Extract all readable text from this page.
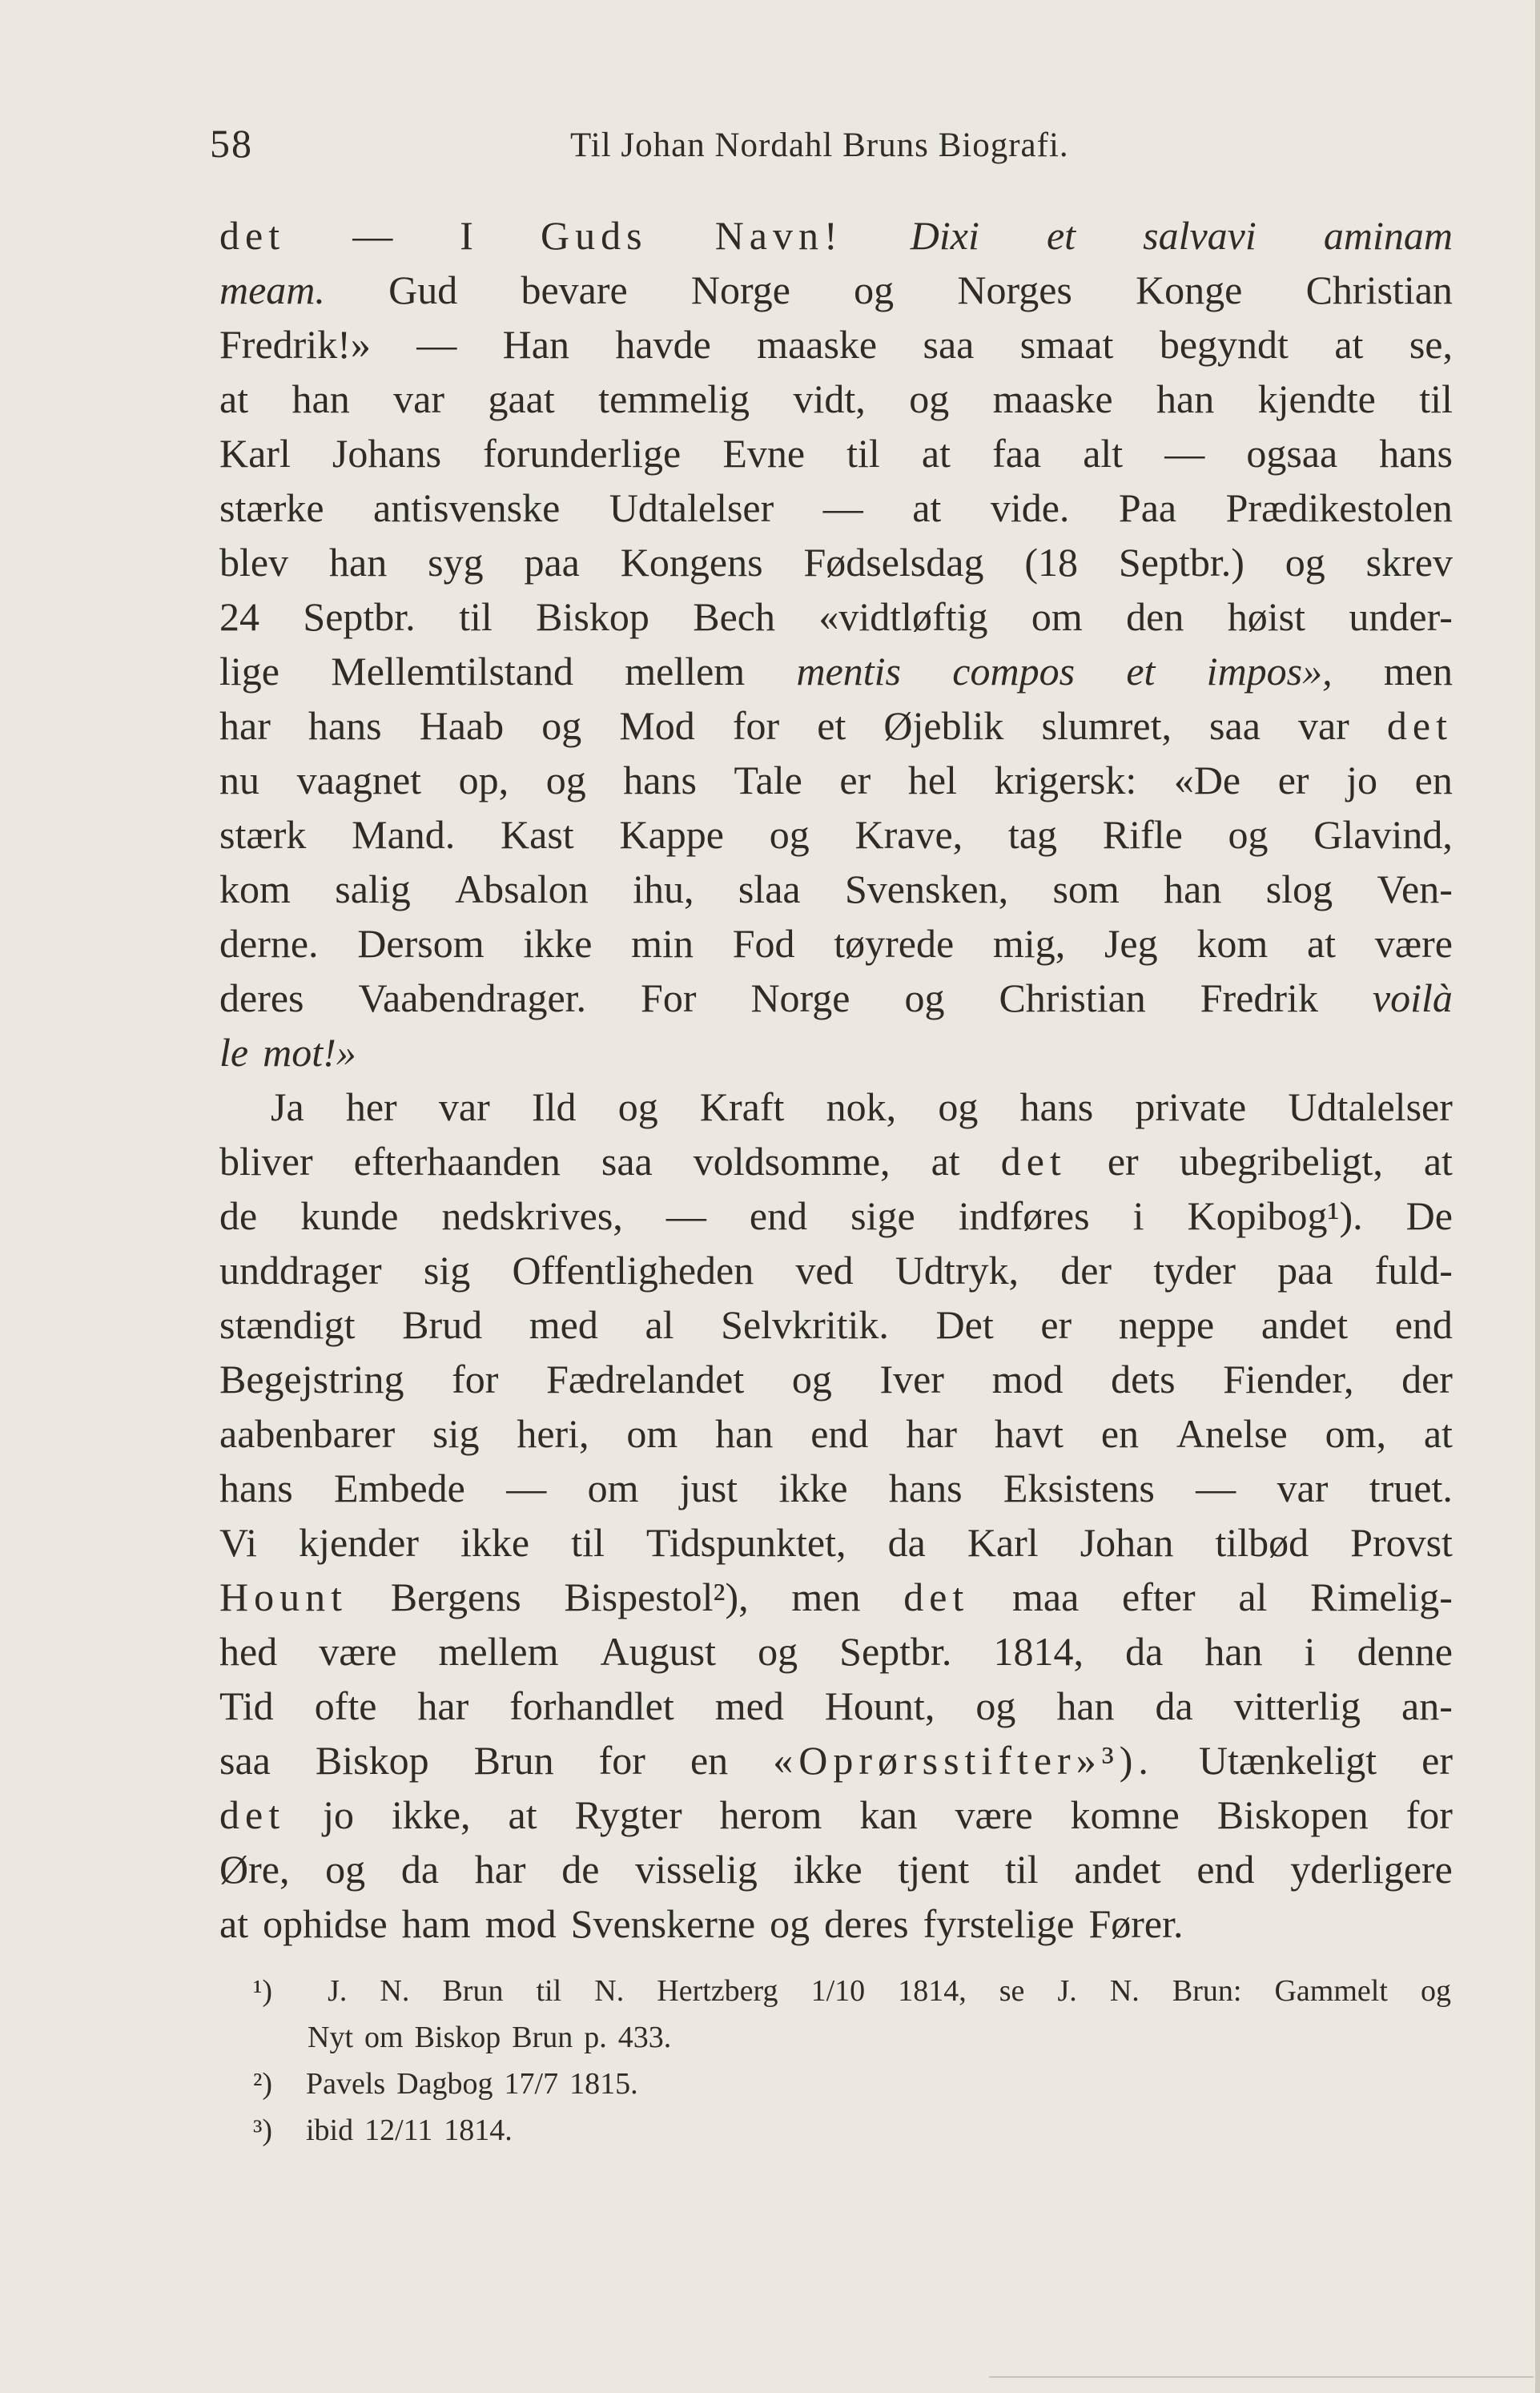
58	Til Johan Nordahl Bruns Biografi.
det — I Guds Navn! Dixi et salvavi aminam
meam. Gud bevare Norge og Norges Konge Christian
Fredrik!» — Han havde maaske saa smaat begyndt at se,
at han var gaat temmelig vidt, og maaske han kjendte til
Karl Johans forunderlige Evne til at faa alt — ogsaa hans
stærke antisvenske Udtalelser — at vide. Paa Prædikestolen
blev han syg paa Kongens Fødselsdag (18 Septbr.) og skrev
24 Septbr. til Biskop Bech «vidtløftig om den høist under-
lige Mellemtilstand mellem mentis compos et impos», men
har hans Haab og Mod for et Øjeblik slumret, saa var det
nu vaagnet op, og hans Tale er hel krigersk: «De er jo en
stærk Mand. Kast Kappe og Krave, tag Rifle og Glavind,
kom salig Absalon ihu, slaa Svensken, som han slog Ven-
derne. Dersom ikke min Fod tøyrede mig, Jeg kom at være
deres Vaabendrager. For Norge og Christian Fredrik voilà
le mot!»
Ja her var Ild og Kraft nok, og hans private Udtalelser
bliver efterhaanden saa voldsomme, at det er ubegribeligt, at
de kunde nedskrives, — end sige indføres i Kopibog¹). De
unddrager sig Offentligheden ved Udtryk, der tyder paa fuld-
stændigt Brud med al Selvkritik. Det er neppe andet end
Begejstring for Fædrelandet og Iver mod dets Fiender, der
aabenbarer sig heri, om han end har havt en Anelse om, at
hans Embede — om just ikke hans Eksistens — var truet.
Vi kjender ikke til Tidspunktet, da Karl Johan tilbød Provst
Hount Bergens Bispestol²), men det maa efter al Rimelig-
hed være mellem August og Septbr. 1814, da han i denne
Tid ofte har forhandlet med Hount, og han da vitterlig an-
saa Biskop Brun for en «Oprørsstifter»³). Utænkeligt er
det jo ikke, at Rygter herom kan være komne Biskopen for
Øre, og da har de visselig ikke tjent til andet end yderligere
at ophidse ham mod Svenskerne og deres fyrstelige Fører.
¹)	J. N. Brun til N. Hertzberg 1/10 1814, se J. N. Brun: Gammelt og
Nyt om Biskop Brun p. 433.
²)	Pavels Dagbog 17/7 1815.
³)	ibid 12/11 1814.
